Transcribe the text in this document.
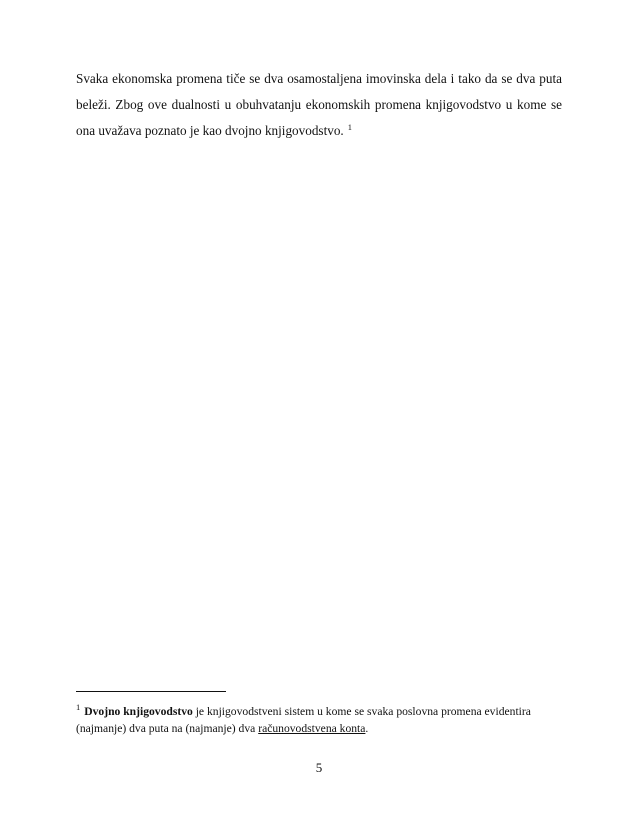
Svaka ekonomska promena tiče se dva osamostaljena imovinska dela i tako da se dva puta beleži. Zbog ove dualnosti u obuhvatanju ekonomskih promena knjigovodstvo u kome se ona uvažava poznato je kao dvojno knjigovodstvo. $^1$

$^1$ Dvojno knjigovodstvo je knjigovodstveni sistem u kome se svaka poslovna promena evidentira (najmanje) dva puta na (najmanje) dva računovodstvena konta.

5
